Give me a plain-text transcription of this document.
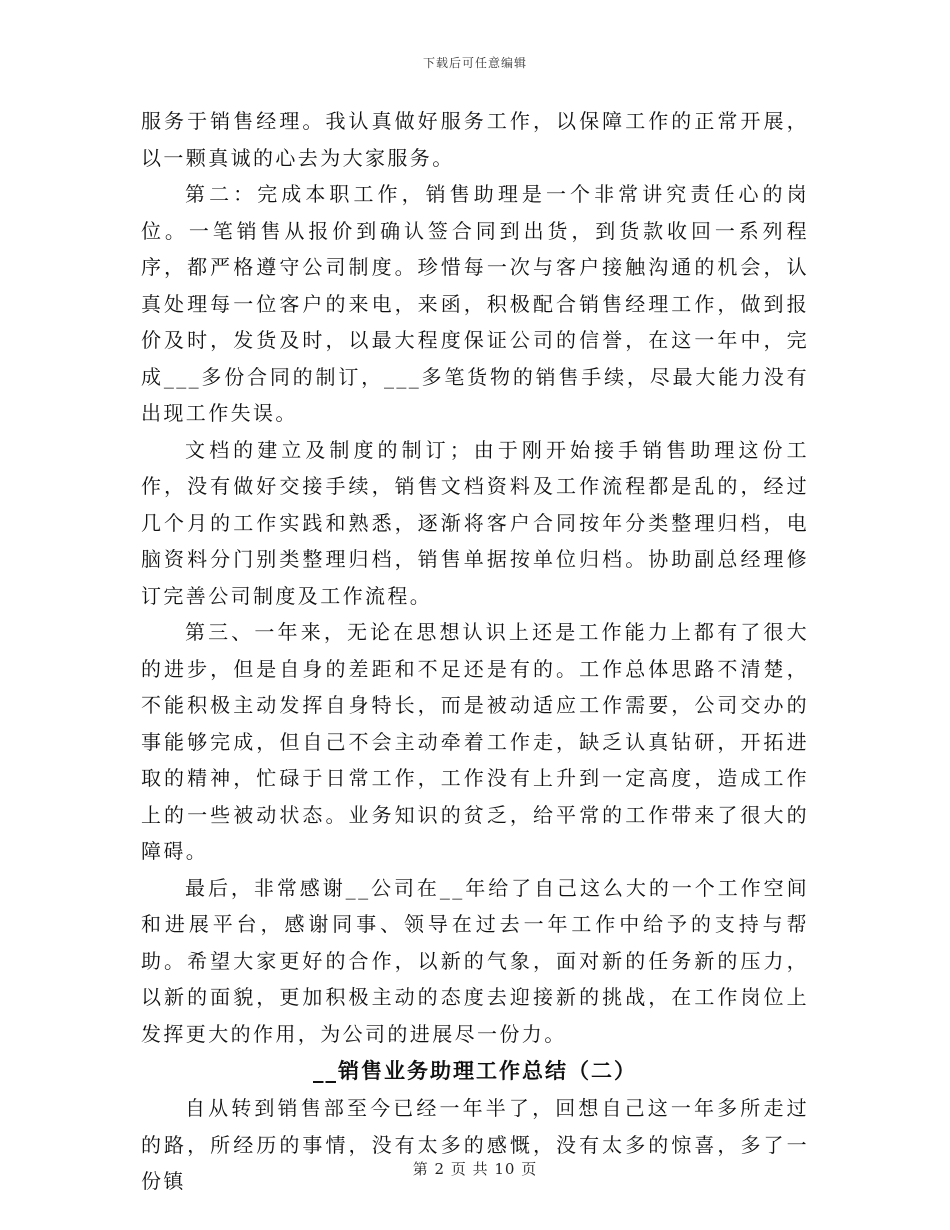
下载后可任意编辑

服务于销售经理。我认真做好服务工作，以保障工作的正常开展，以一颗真诚的心去为大家服务。

第二：完成本职工作，销售助理是一个非常讲究责任心的岗位。一笔销售从报价到确认签合同到出货，到货款收回一系列程序，都严格遵守公司制度。珍惜每一次与客户接触沟通的机会，认真处理每一位客户的来电，来函，积极配合销售经理工作，做到报价及时，发货及时，以最大程度保证公司的信誉，在这一年中，完成___多份合同的制订，___多笔货物的销售手续，尽最大能力没有出现工作失误。

文档的建立及制度的制订；由于刚开始接手销售助理这份工作，没有做好交接手续，销售文档资料及工作流程都是乱的，经过几个月的工作实践和熟悉，逐渐将客户合同按年分类整理归档，电脑资料分门别类整理归档，销售单据按单位归档。协助副总经理修订完善公司制度及工作流程。

第三、一年来，无论在思想认识上还是工作能力上都有了很大的进步，但是自身的差距和不足还是有的。工作总体思路不清楚，不能积极主动发挥自身特长，而是被动适应工作需要，公司交办的事能够完成，但自己不会主动牵着工作走，缺乏认真钻研，开拓进取的精神，忙碌于日常工作，工作没有上升到一定高度，造成工作上的一些被动状态。业务知识的贫乏，给平常的工作带来了很大的障碍。

最后，非常感谢__公司在__年给了自己这么大的一个工作空间和进展平台，感谢同事、领导在过去一年工作中给予的支持与帮助。希望大家更好的合作，以新的气象，面对新的任务新的压力，以新的面貌，更加积极主动的态度去迎接新的挑战，在工作岗位上发挥更大的作用，为公司的进展尽一份力。

__销售业务助理工作总结（二）

自从转到销售部至今已经一年半了，回想自己这一年多所走过的路，所经历的事情，没有太多的感慨，没有太多的惊喜，多了一份镇	第 2 页 共 10 页
